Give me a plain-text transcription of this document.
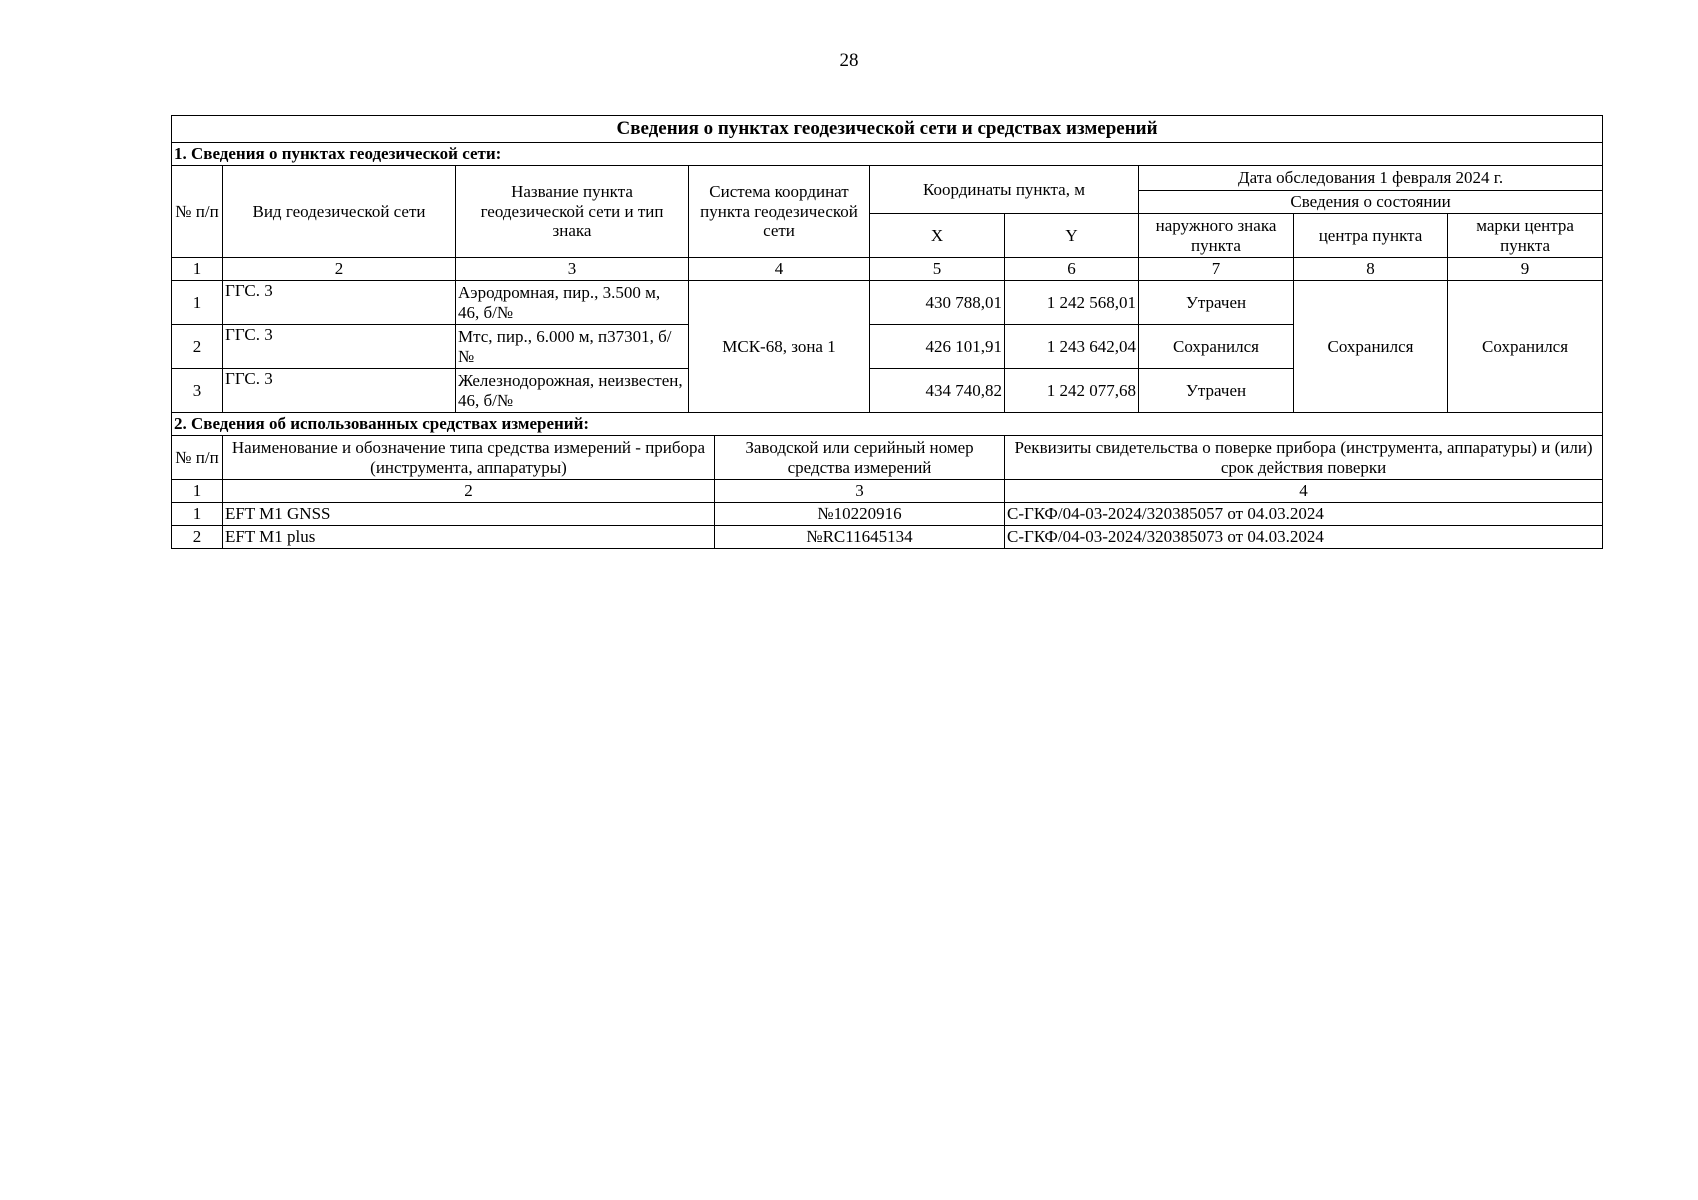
28
Сведения о пунктах геодезической сети и средствах измерений									
1. Сведения о пунктах геодезической сети:									
№ п/п	Вид геодезической сети	Название пункта геодезической сети и тип знака	Система координат пункта геодезической сети		Координаты пункта, м		Дата обследования 1 февраля 2024 г.		
							Сведения о состоянии		
					X	Y	наружного знака пункта	центра пункта	марки центра пункта
1	2	3	4		5	6	7	8	9
1	ГГС. 3	Аэродромная, пир., 3.500 м, 46, б/№	МСК-68, зона 1		430 788,01	1 242 568,01	Утрачен	Сохранился	Сохранился
2	ГГС. 3	Мтс, пир., 6.000 м, п37301, б/№			426 101,91	1 243 642,04	Сохранился		
3	ГГС. 3	Железнодорожная, неизвестен, 46, б/№			434 740,82	1 242 077,68	Утрачен		
2. Сведения об использованных средствах измерений:									
№ п/п	Наименование и обозначение типа средства измерений - прибора (инструмента, аппаратуры)			Заводской или серийный номер средства измерений		Реквизиты свидетельства о поверке прибора (инструмента, аппаратуры) и (или) срок действия поверки			
1	2			3		4			
1	EFT M1 GNSS			№10220916		С-ГКФ/04-03-2024/320385057 от 04.03.2024			
2	EFT M1 plus			№RC11645134		С-ГКФ/04-03-2024/320385073 от 04.03.2024			
